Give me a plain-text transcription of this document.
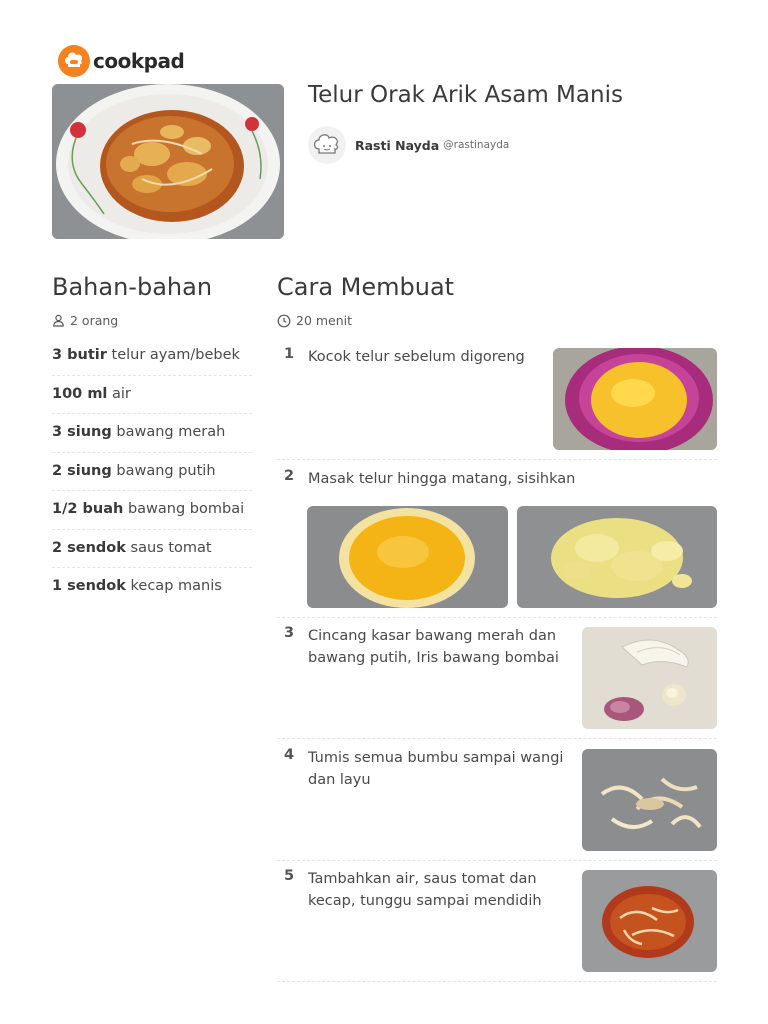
cookpad
Telur Orak Arik Asam Manis
Rasti Nayda @rastinayda
Bahan-bahan
2 orang
3 butir telur ayam/bebek
100 ml air
3 siung bawang merah
2 siung bawang putih
1/2 buah bawang bombai
2 sendok saus tomat
1 sendok kecap manis
Cara Membuat
20 menit
1 Kocok telur sebelum digoreng
2 Masak telur hingga matang, sisihkan
3 Cincang kasar bawang merah dan bawang putih, Iris bawang bombai
4 Tumis semua bumbu sampai wangi dan layu
5 Tambahkan air, saus tomat dan kecap, tunggu sampai mendidih
